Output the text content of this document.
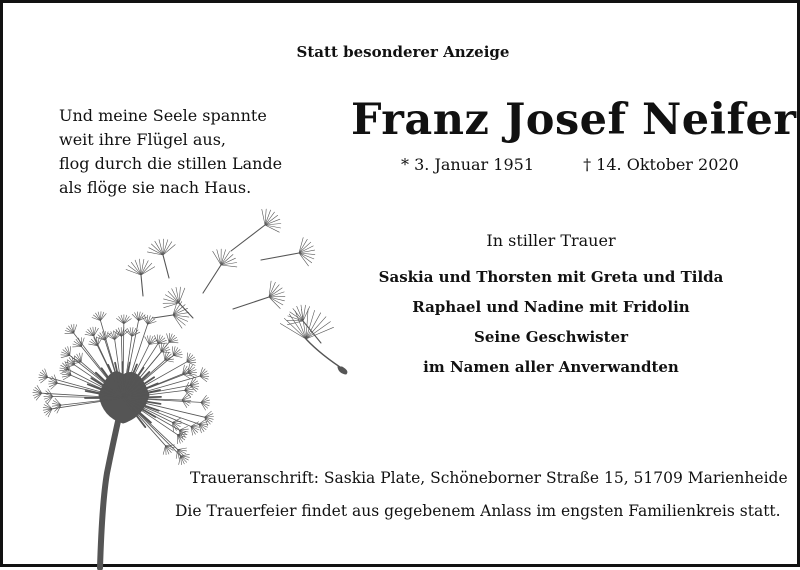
Statt besonderer Anzeige
Und meine Seele spannte
weit ihre Flügel aus,
flog durch die stillen Lande
als flöge sie nach Haus.
Franz Josef Neifer
* 3. Januar 1951	† 14. Oktober 2020
In stiller Trauer
Saskia und Thorsten mit Greta und Tilda
Raphael und Nadine mit Fridolin
Seine Geschwister
im Namen aller Anverwandten
Traueranschrift: Saskia Plate, Schöneborner Straße 15, 51709 Marienheide
Die Trauerfeier findet aus gegebenem Anlass im engsten Familienkreis statt.
